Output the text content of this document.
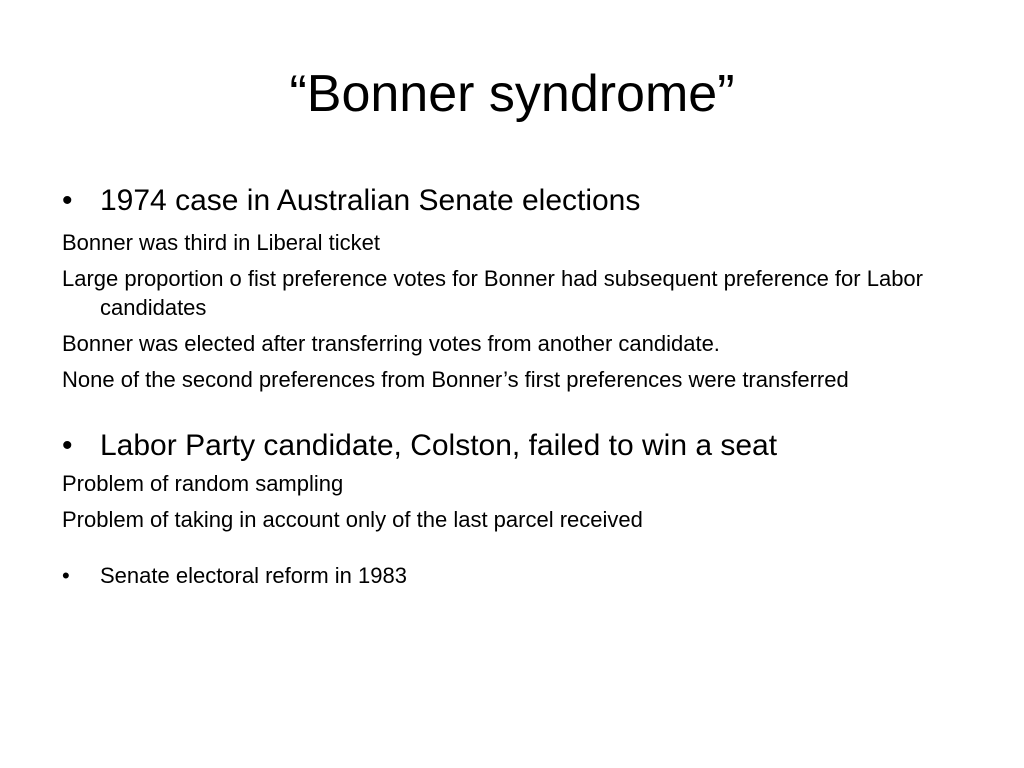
“Bonner syndrome”
• 1974 case in Australian Senate elections
Bonner was third in Liberal ticket
Large proportion o fist preference votes for Bonner had subsequent preference for Labor candidates
Bonner was elected after transferring votes from another candidate.
None of the second preferences from Bonner’s first preferences were transferred
• Labor Party candidate, Colston, failed to win a seat
Problem of random sampling
Problem of taking in account only of the last parcel received
• Senate electoral reform in 1983
